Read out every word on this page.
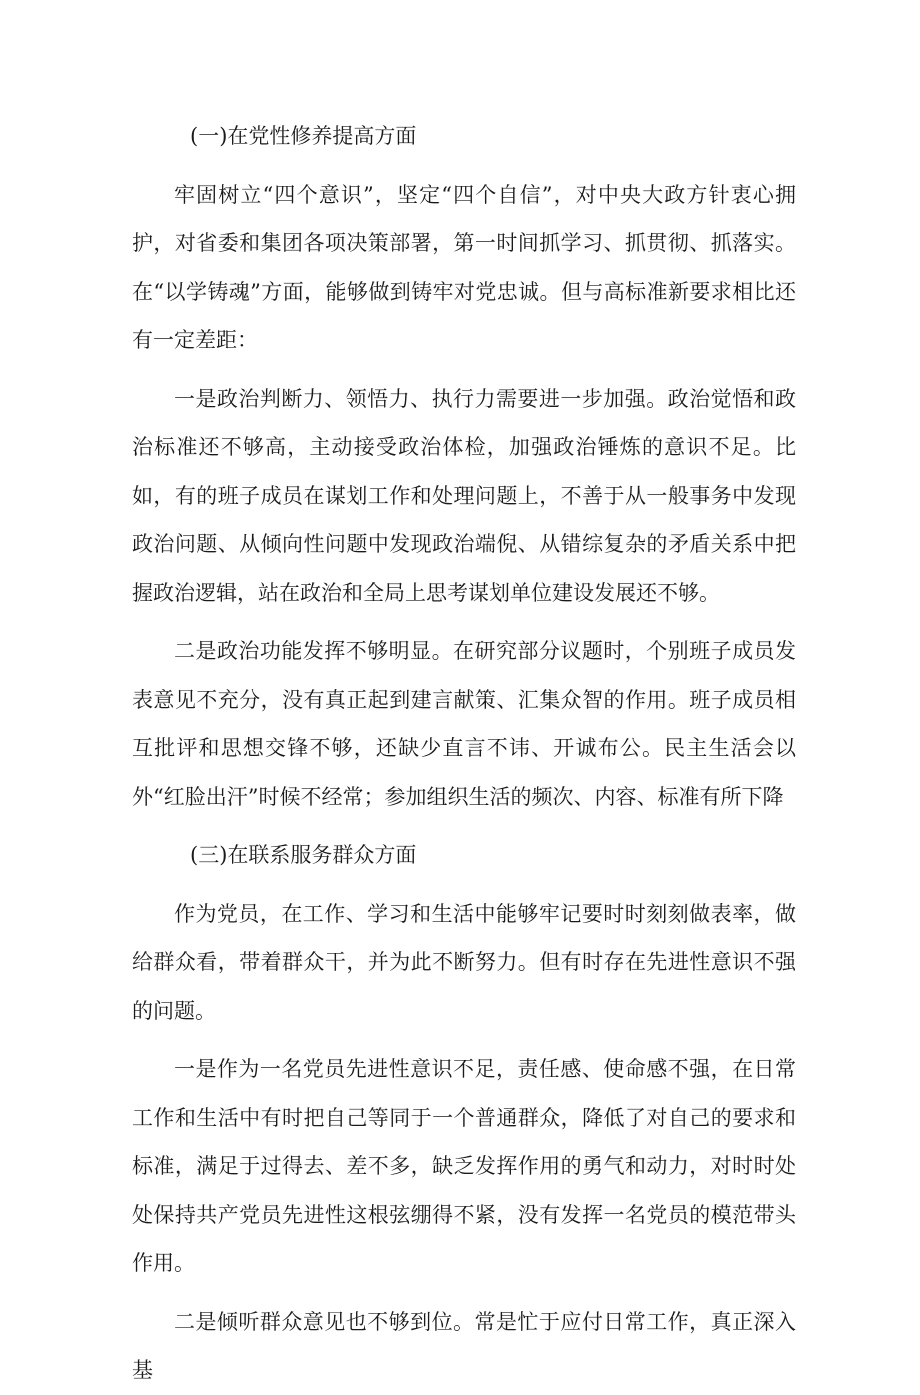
(一)在党性修养提高方面

牢固树立“四个意识”，坚定“四个自信”，对中央大政方针衷心拥护，对省委和集团各项决策部署，第一时间抓学习、抓贯彻、抓落实。在“以学铸魂”方面，能够做到铸牢对党忠诚。但与高标准新要求相比还有一定差距：

一是政治判断力、领悟力、执行力需要进一步加强。政治觉悟和政治标准还不够高，主动接受政治体检，加强政治锤炼的意识不足。比如，有的班子成员在谋划工作和处理问题上，不善于从一般事务中发现政治问题、从倾向性问题中发现政治端倪、从错综复杂的矛盾关系中把握政治逻辑，站在政治和全局上思考谋划单位建设发展还不够。

二是政治功能发挥不够明显。在研究部分议题时，个别班子成员发表意见不充分，没有真正起到建言献策、汇集众智的作用。班子成员相互批评和思想交锋不够，还缺少直言不讳、开诚布公。民主生活会以外“红脸出汗”时候不经常；参加组织生活的频次、内容、标准有所下降

(三)在联系服务群众方面

作为党员，在工作、学习和生活中能够牢记要时时刻刻做表率，做给群众看，带着群众干，并为此不断努力。但有时存在先进性意识不强的问题。

一是作为一名党员先进性意识不足，责任感、使命感不强，在日常工作和生活中有时把自己等同于一个普通群众，降低了对自己的要求和标准，满足于过得去、差不多，缺乏发挥作用的勇气和动力，对时时处处保持共产党员先进性这根弦绷得不紧，没有发挥一名党员的模范带头作用。

二是倾听群众意见也不够到位。常是忙于应付日常工作，真正深入基
